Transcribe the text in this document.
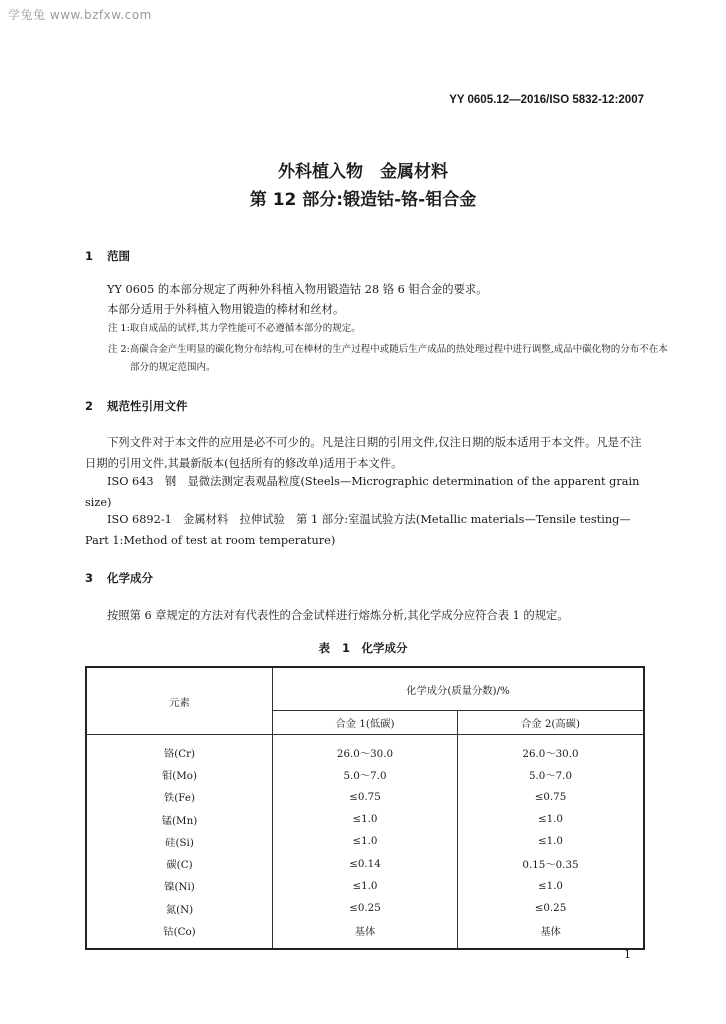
学兔兔 www.bzfxw.com
YY 0605.12—2016/ISO 5832-12:2007
外科植入物　金属材料
第 12 部分:锻造钴-铬-钼合金
1 范围
YY 0605 的本部分规定了两种外科植入物用锻造钴 28 铬 6 钼合金的要求。
本部分适用于外科植入物用锻造的棒材和丝材。
注 1:取自成品的试样,其力学性能可不必遵循本部分的规定。
注 2:高碳合金产生明显的碳化物分布结构,可在棒材的生产过程中或随后生产成品的热处理过程中进行调整,成品中碳化物的分布不在本部分的规定范围内。
2 规范性引用文件
下列文件对于本文件的应用是必不可少的。凡是注日期的引用文件,仅注日期的版本适用于本文件。凡是不注日期的引用文件,其最新版本(包括所有的修改单)适用于本文件。
ISO 643　钢　显微法测定表观晶粒度(Steels—Micrographic determination of the apparent grain size)
ISO 6892-1　金属材料　拉伸试验　第 1 部分:室温试验方法(Metallic materials—Tensile testing—Part 1:Method of test at room temperature)
3 化学成分
按照第 6 章规定的方法对有代表性的合金试样进行熔炼分析,其化学成分应符合表 1 的规定。
表 1　化学成分
元素	化学成分(质量分数)/%	
	合金 1(低碳)	合金 2(高碳)
铬(Cr)	26.0～30.0	26.0～30.0
钼(Mo)	5.0～7.0	5.0～7.0
铁(Fe)	≤0.75	≤0.75
锰(Mn)	≤1.0	≤1.0
硅(Si)	≤1.0	≤1.0
碳(C)	≤0.14	0.15～0.35
镍(Ni)	≤1.0	≤1.0
氮(N)	≤0.25	≤0.25
钴(Co)	基体	基体
1
